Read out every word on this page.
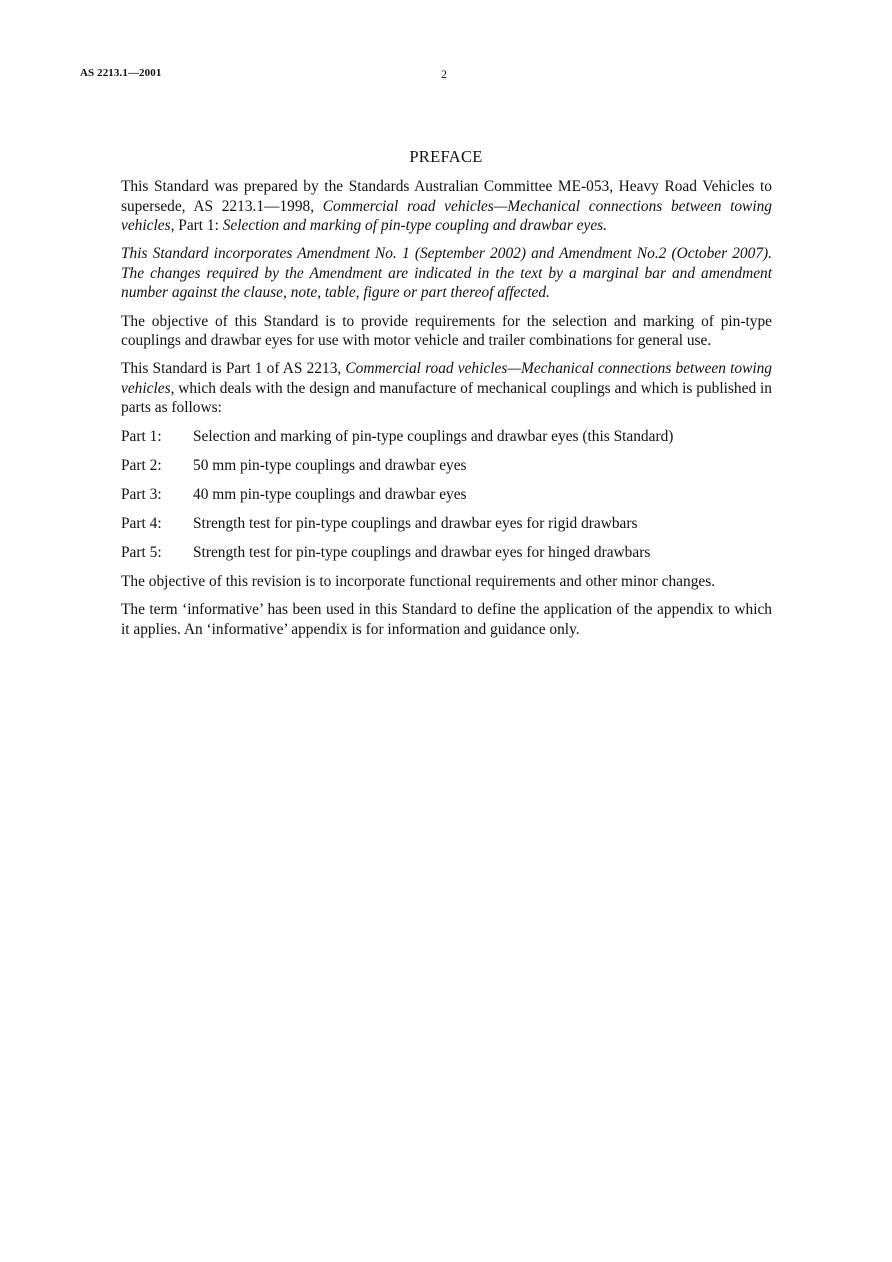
AS 2213.1—2001	2
PREFACE

This Standard was prepared by the Standards Australian Committee ME-053, Heavy Road Vehicles to supersede, AS 2213.1—1998, Commercial road vehicles—Mechanical connections between towing vehicles, Part 1: Selection and marking of pin-type coupling and drawbar eyes.

This Standard incorporates Amendment No. 1 (September 2002) and Amendment No.2 (October 2007). The changes required by the Amendment are indicated in the text by a marginal bar and amendment number against the clause, note, table, figure or part thereof affected.

The objective of this Standard is to provide requirements for the selection and marking of pin-type couplings and drawbar eyes for use with motor vehicle and trailer combinations for general use.

This Standard is Part 1 of AS 2213, Commercial road vehicles—Mechanical connections between towing vehicles, which deals with the design and manufacture of mechanical couplings and which is published in parts as follows:

Part 1:	Selection and marking of pin-type couplings and drawbar eyes (this Standard)
Part 2:	50 mm pin-type couplings and drawbar eyes
Part 3:	40 mm pin-type couplings and drawbar eyes
Part 4:	Strength test for pin-type couplings and drawbar eyes for rigid drawbars
Part 5:	Strength test for pin-type couplings and drawbar eyes for hinged drawbars

The objective of this revision is to incorporate functional requirements and other minor changes.

The term ‘informative’ has been used in this Standard to define the application of the appendix to which it applies. An ‘informative’ appendix is for information and guidance only.
